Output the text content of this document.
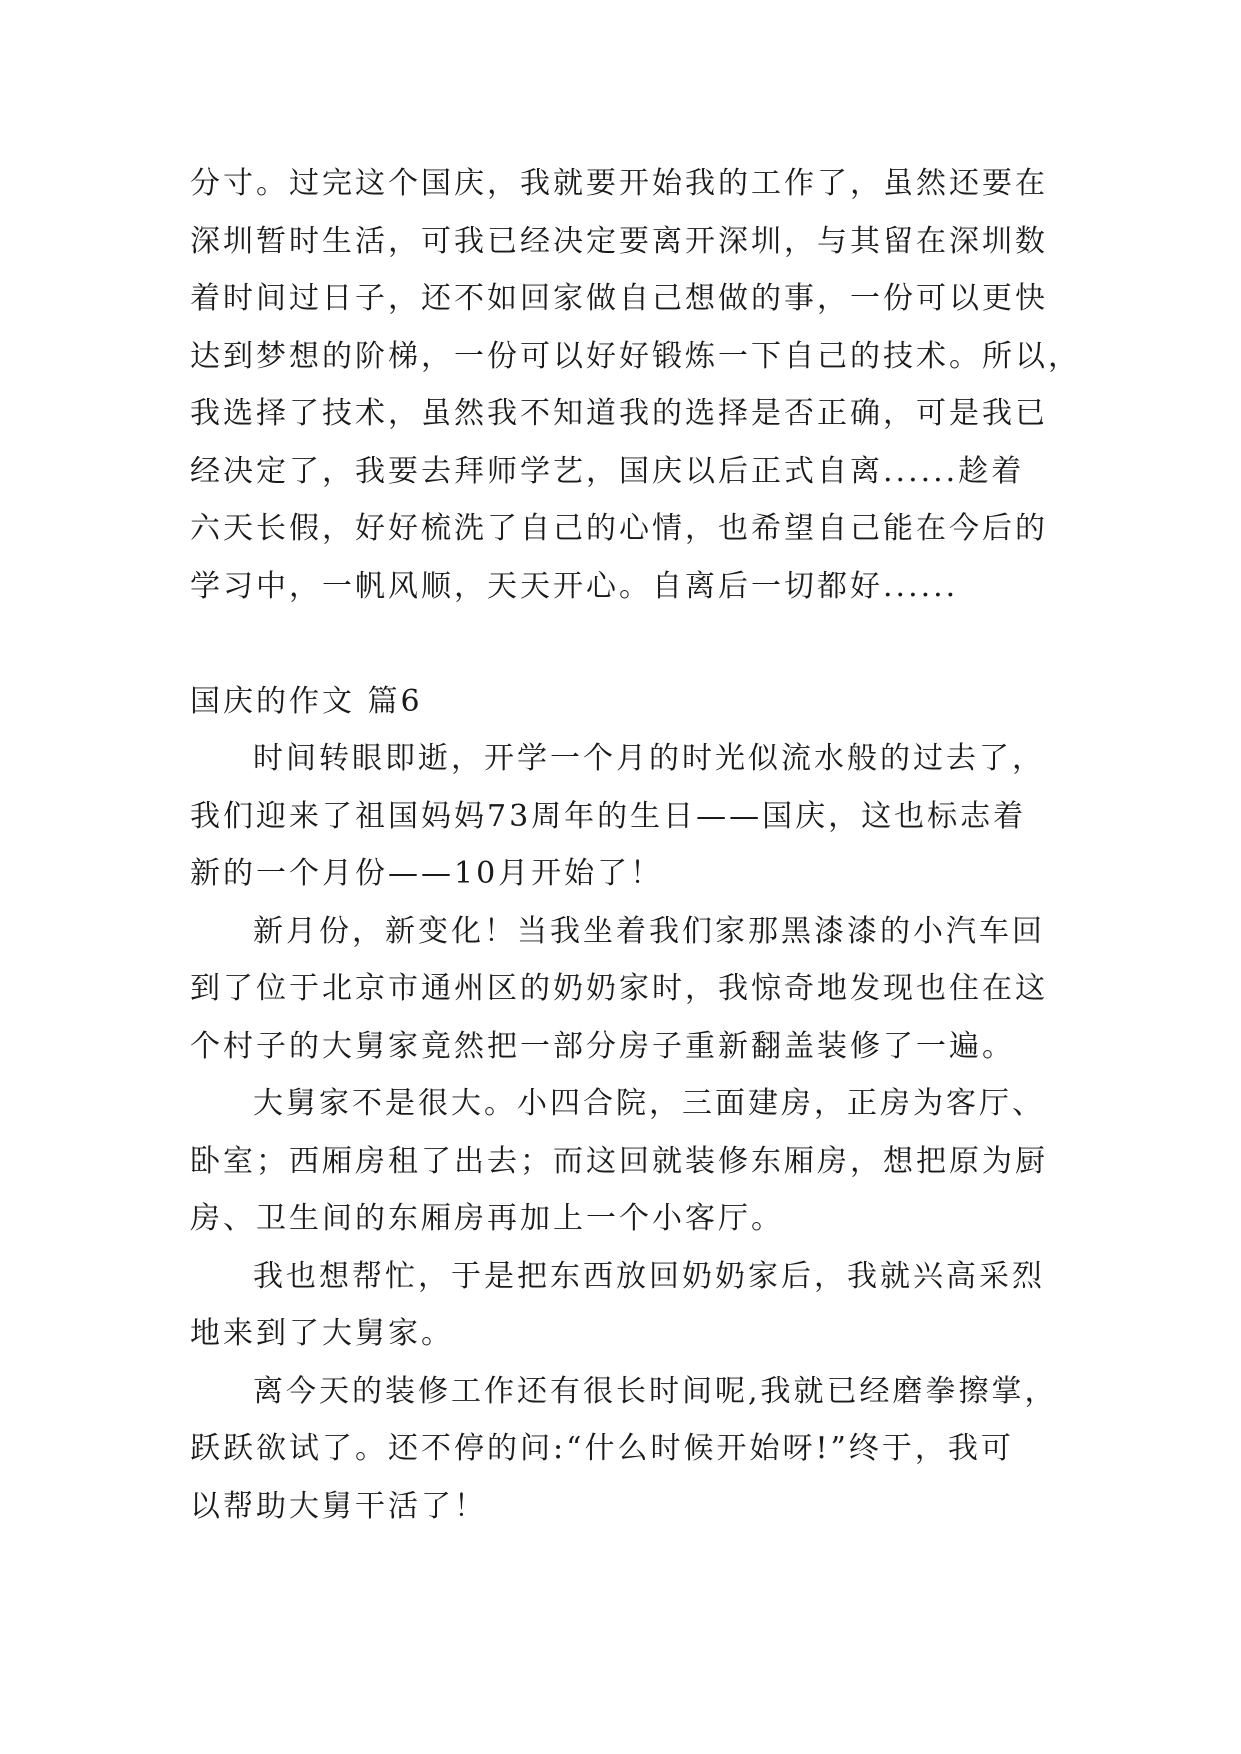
分寸。过完这个国庆，我就要开始我的工作了，虽然还要在
深圳暂时生活，可我已经决定要离开深圳，与其留在深圳数
着时间过日子，还不如回家做自己想做的事，一份可以更快
达到梦想的阶梯，一份可以好好锻炼一下自己的技术。所以，
我选择了技术，虽然我不知道我的选择是否正确，可是我已
经决定了，我要去拜师学艺，国庆以后正式自离......趁着
六天长假，好好梳洗了自己的心情，也希望自己能在今后的
学习中，一帆风顺，天天开心。自离后一切都好......

国庆的作文 篇6

时间转眼即逝，开学一个月的时光似流水般的过去了，
我们迎来了祖国妈妈73周年的生日——国庆，这也标志着
新的一个月份——10月开始了！

新月份，新变化！当我坐着我们家那黑漆漆的小汽车回
到了位于北京市通州区的奶奶家时，我惊奇地发现也住在这
个村子的大舅家竟然把一部分房子重新翻盖装修了一遍。

大舅家不是很大。小四合院，三面建房，正房为客厅、
卧室；西厢房租了出去；而这回就装修东厢房，想把原为厨
房、卫生间的东厢房再加上一个小客厅。

我也想帮忙，于是把东西放回奶奶家后，我就兴高采烈
地来到了大舅家。

离今天的装修工作还有很长时间呢,我就已经磨拳擦掌，
跃跃欲试了。还不停的问:“什么时候开始呀!”终于，我可
以帮助大舅干活了！
